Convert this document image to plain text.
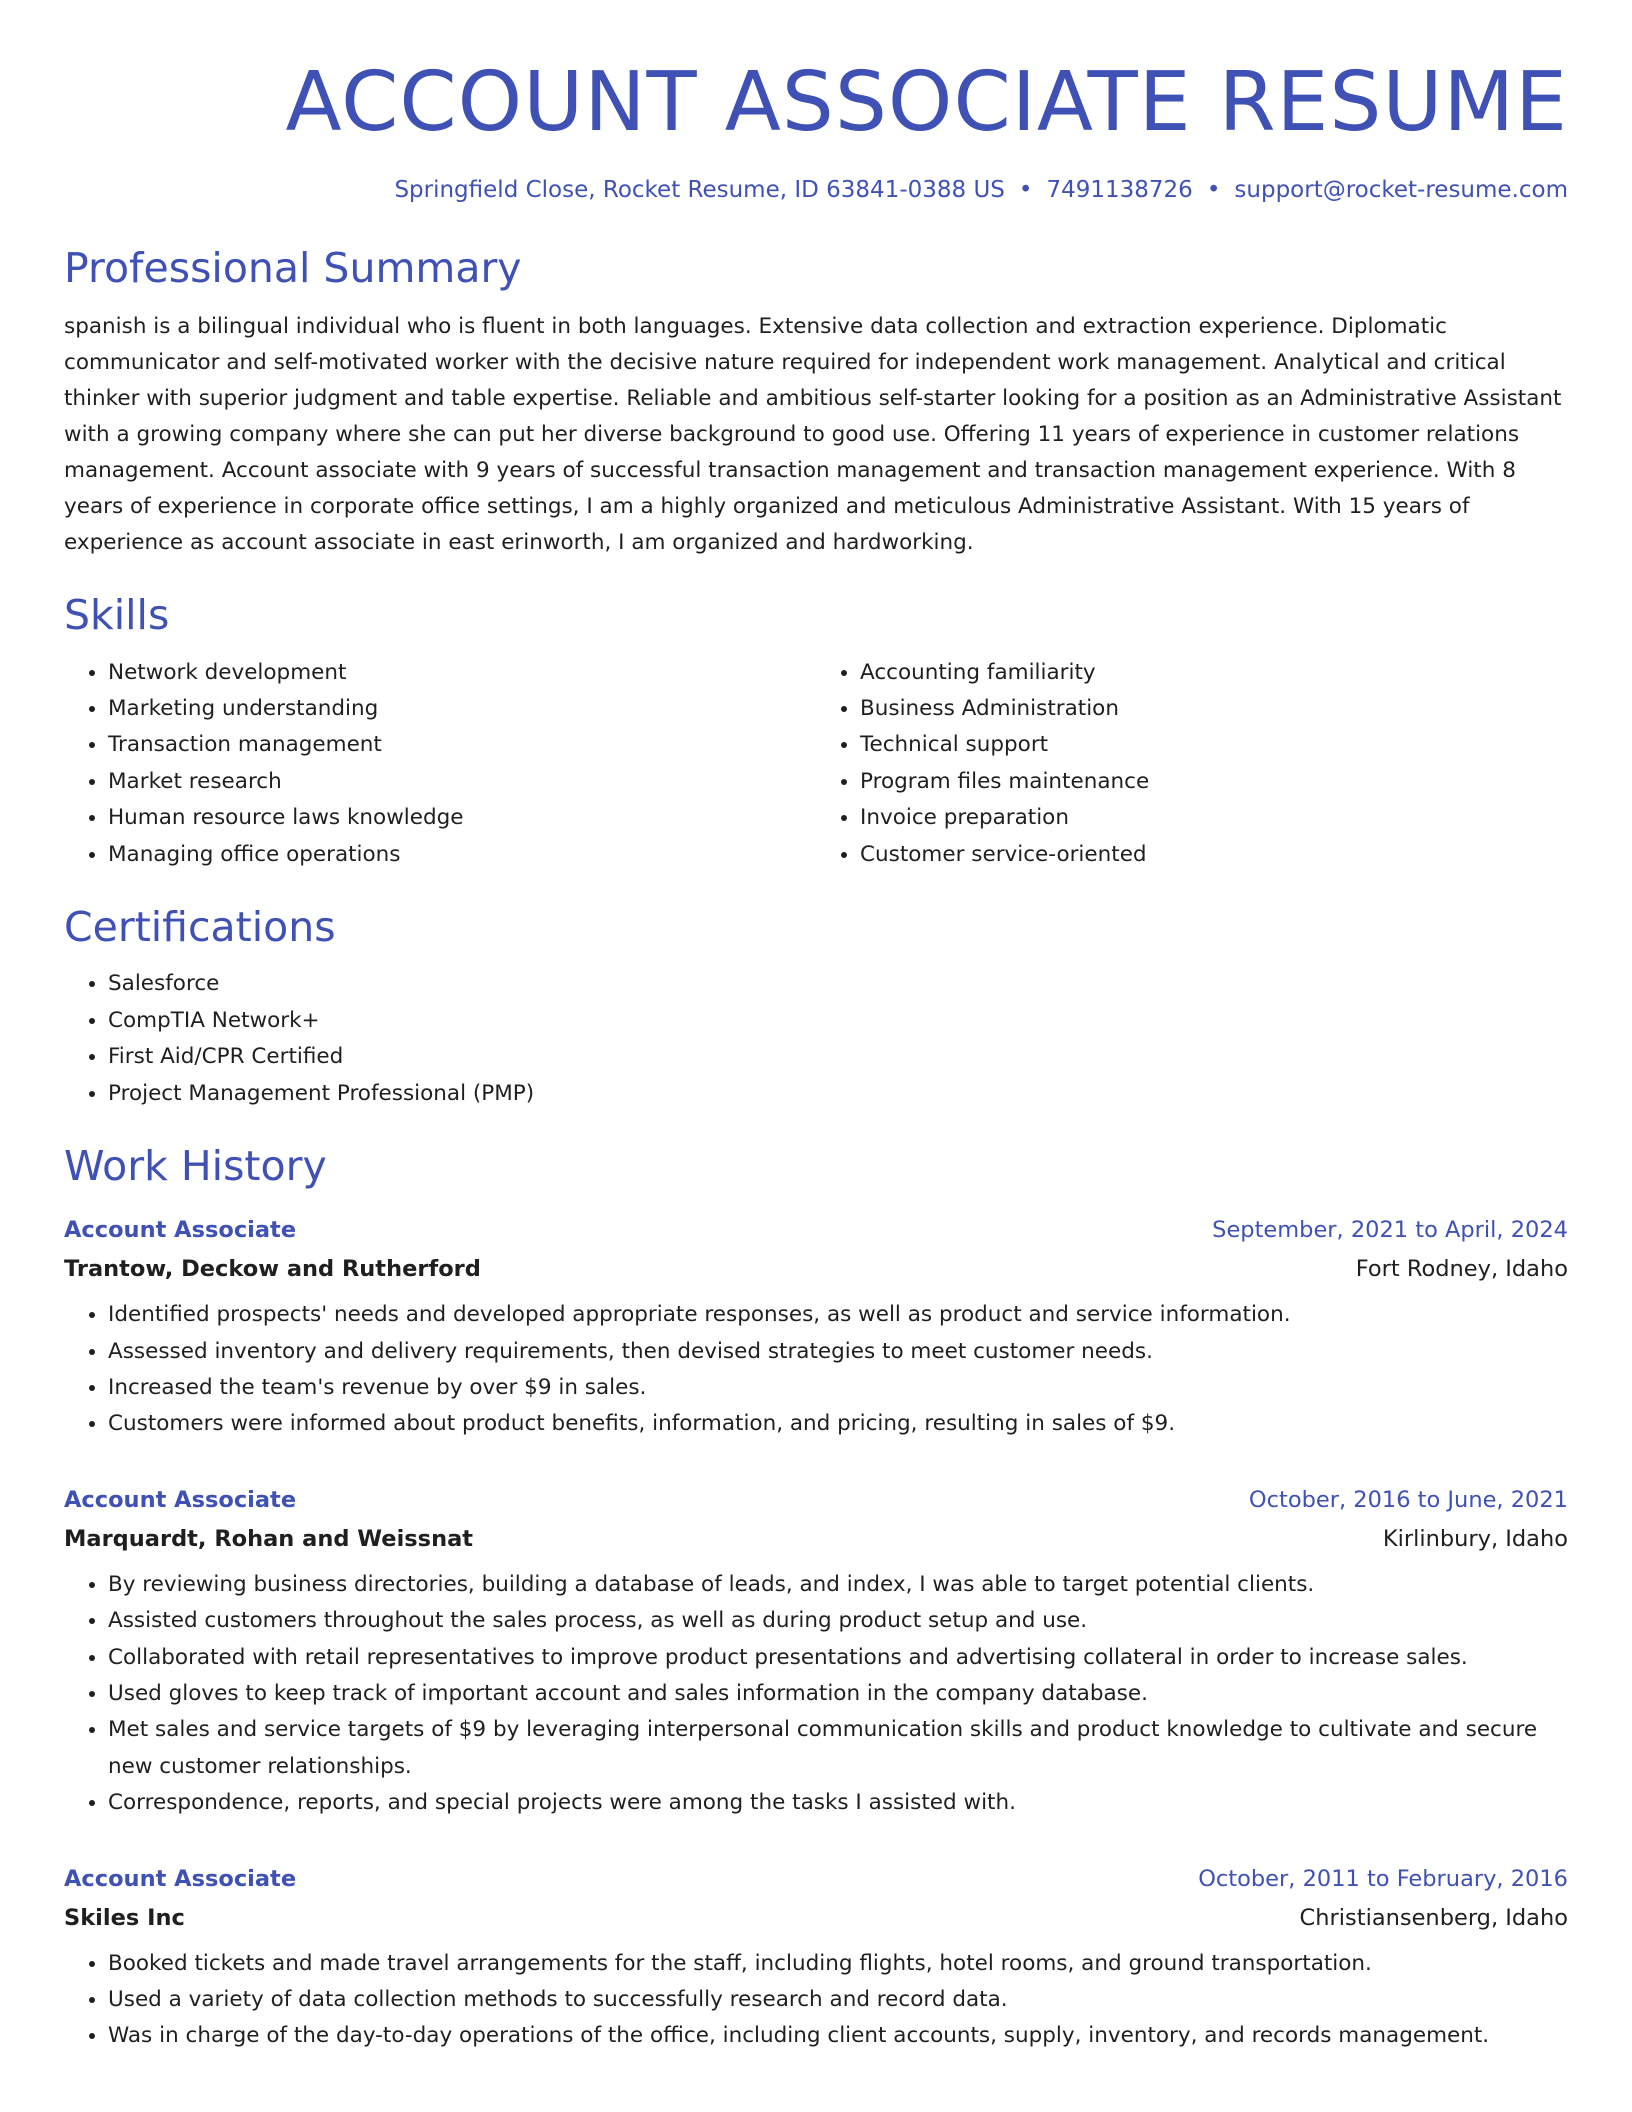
ACCOUNT ASSOCIATE RESUME
Springfield Close, Rocket Resume, ID 63841-0388 US • 7491138726 • support@rocket-resume.com
Professional Summary
spanish is a bilingual individual who is fluent in both languages. Extensive data collection and extraction experience. Diplomatic communicator and self-motivated worker with the decisive nature required for independent work management. Analytical and critical thinker with superior judgment and table expertise. Reliable and ambitious self-starter looking for a position as an Administrative Assistant with a growing company where she can put her diverse background to good use. Offering 11 years of experience in customer relations management. Account associate with 9 years of successful transaction management and transaction management experience. With 8 years of experience in corporate office settings, I am a highly organized and meticulous Administrative Assistant. With 15 years of experience as account associate in east erinworth, I am organized and hardworking.
Skills
• Network development
• Marketing understanding
• Transaction management
• Market research
• Human resource laws knowledge
• Managing office operations
• Accounting familiarity
• Business Administration
• Technical support
• Program files maintenance
• Invoice preparation
• Customer service-oriented
Certifications
• Salesforce
• CompTIA Network+
• First Aid/CPR Certified
• Project Management Professional (PMP)
Work History
Account Associate	September, 2021 to April, 2024
Trantow, Deckow and Rutherford	Fort Rodney, Idaho
• Identified prospects' needs and developed appropriate responses, as well as product and service information.
• Assessed inventory and delivery requirements, then devised strategies to meet customer needs.
• Increased the team's revenue by over $9 in sales.
• Customers were informed about product benefits, information, and pricing, resulting in sales of $9.
Account Associate	October, 2016 to June, 2021
Marquardt, Rohan and Weissnat	Kirlinbury, Idaho
• By reviewing business directories, building a database of leads, and index, I was able to target potential clients.
• Assisted customers throughout the sales process, as well as during product setup and use.
• Collaborated with retail representatives to improve product presentations and advertising collateral in order to increase sales.
• Used gloves to keep track of important account and sales information in the company database.
• Met sales and service targets of $9 by leveraging interpersonal communication skills and product knowledge to cultivate and secure new customer relationships.
• Correspondence, reports, and special projects were among the tasks I assisted with.
Account Associate	October, 2011 to February, 2016
Skiles Inc	Christiansenberg, Idaho
• Booked tickets and made travel arrangements for the staff, including flights, hotel rooms, and ground transportation.
• Used a variety of data collection methods to successfully research and record data.
• Was in charge of the day-to-day operations of the office, including client accounts, supply, inventory, and records management.
